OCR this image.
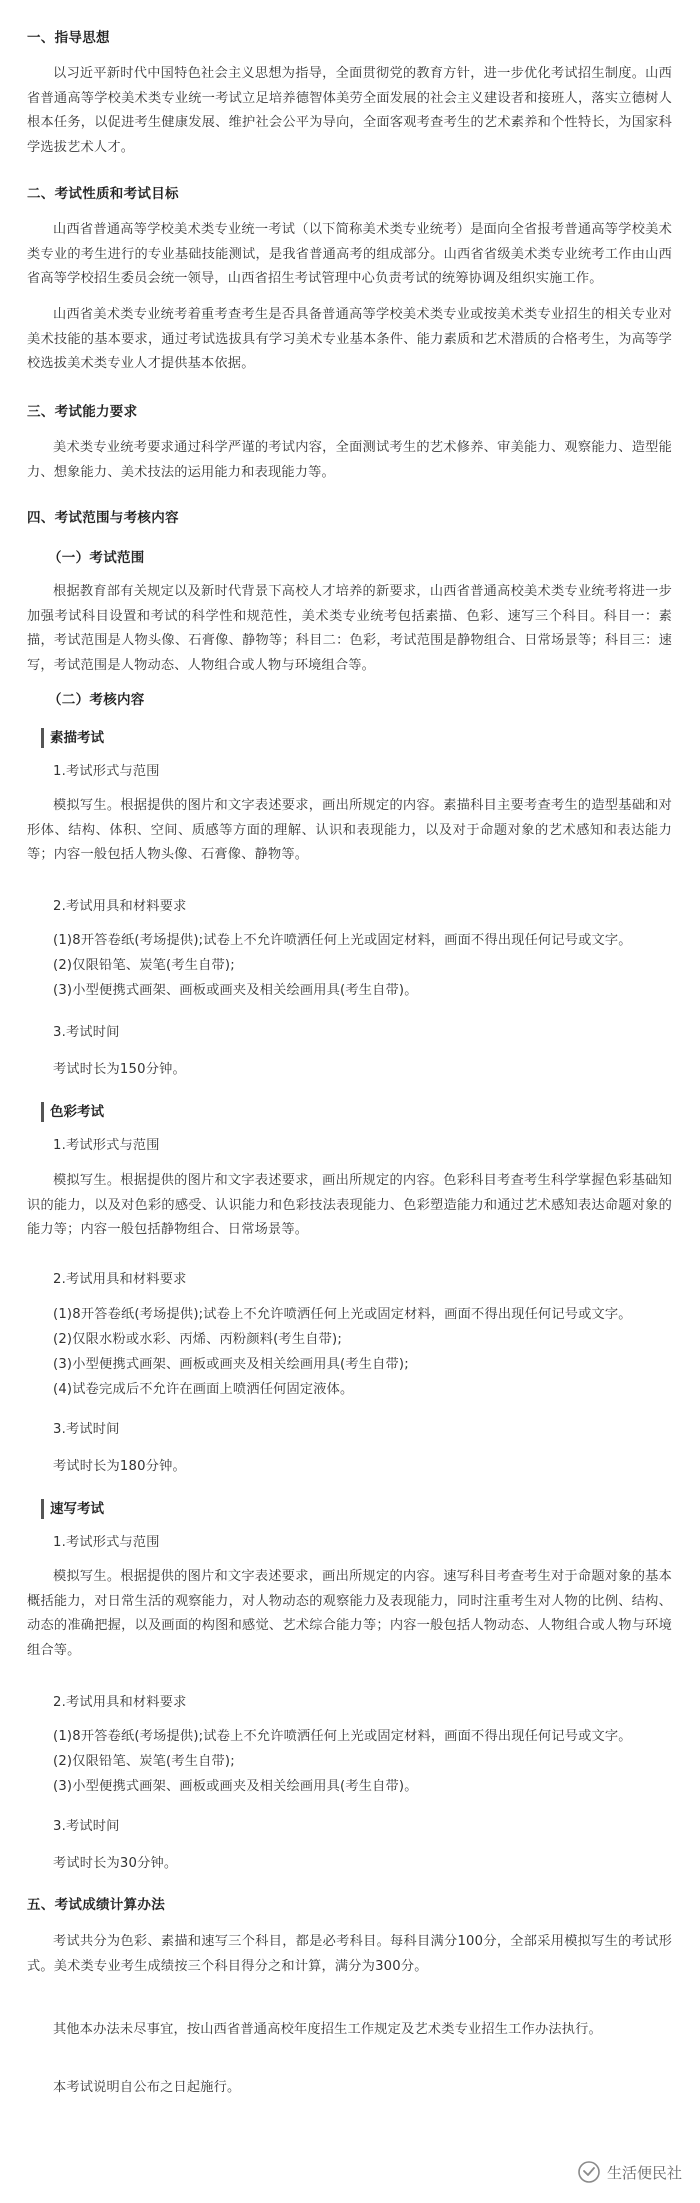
一、指导思想

以习近平新时代中国特色社会主义思想为指导，全面贯彻党的教育方针，进一步优化考试招生制度。山西省普通高等学校美术类专业统一考试立足培养德智体美劳全面发展的社会主义建设者和接班人，落实立德树人根本任务，以促进考生健康发展、维护社会公平为导向，全面客观考查考生的艺术素养和个性特长，为国家科学选拔艺术人才。

二、考试性质和考试目标

山西省普通高等学校美术类专业统一考试（以下简称美术类专业统考）是面向全省报考普通高等学校美术类专业的考生进行的专业基础技能测试，是我省普通高考的组成部分。山西省省级美术类专业统考工作由山西省高等学校招生委员会统一领导，山西省招生考试管理中心负责考试的统筹协调及组织实施工作。

山西省美术类专业统考着重考查考生是否具备普通高等学校美术类专业或按美术类专业招生的相关专业对美术技能的基本要求，通过考试选拔具有学习美术专业基本条件、能力素质和艺术潜质的合格考生，为高等学校选拔美术类专业人才提供基本依据。

三、考试能力要求

美术类专业统考要求通过科学严谨的考试内容，全面测试考生的艺术修养、审美能力、观察能力、造型能力、想象能力、美术技法的运用能力和表现能力等。

四、考试范围与考核内容
（一）考试范围

根据教育部有关规定以及新时代背景下高校人才培养的新要求，山西省普通高校美术类专业统考将进一步加强考试科目设置和考试的科学性和规范性，美术类专业统考包括素描、色彩、速写三个科目。科目一：素描，考试范围是人物头像、石膏像、静物等；科目二：色彩，考试范围是静物组合、日常场景等；科目三：速写，考试范围是人物动态、人物组合或人物与环境组合等。

（二）考核内容
素描考试
1.考试形式与范围

模拟写生。根据提供的图片和文字表述要求，画出所规定的内容。素描科目主要考查考生的造型基础和对形体、结构、体积、空间、质感等方面的理解、认识和表现能力，以及对于命题对象的艺术感知和表达能力等；内容一般包括人物头像、石膏像、静物等。

2.考试用具和材料要求
(1)8开答卷纸(考场提供);试卷上不允许喷洒任何上光或固定材料，画面不得出现任何记号或文字。
(2)仅限铅笔、炭笔(考生自带);
(3)小型便携式画架、画板或画夹及相关绘画用具(考生自带)。
3.考试时间
考试时长为150分钟。
色彩考试
1.考试形式与范围

模拟写生。根据提供的图片和文字表述要求，画出所规定的内容。色彩科目考查考生科学掌握色彩基础知识的能力，以及对色彩的感受、认识能力和色彩技法表现能力、色彩塑造能力和通过艺术感知表达命题对象的能力等；内容一般包括静物组合、日常场景等。

2.考试用具和材料要求
(1)8开答卷纸(考场提供);试卷上不允许喷洒任何上光或固定材料，画面不得出现任何记号或文字。
(2)仅限水粉或水彩、丙烯、丙粉颜料(考生自带);
(3)小型便携式画架、画板或画夹及相关绘画用具(考生自带);
(4)试卷完成后不允许在画面上喷洒任何固定液体。
3.考试时间
考试时长为180分钟。
速写考试
1.考试形式与范围

模拟写生。根据提供的图片和文字表述要求，画出所规定的内容。速写科目考查考生对于命题对象的基本概括能力，对日常生活的观察能力，对人物动态的观察能力及表现能力，同时注重考生对人物的比例、结构、动态的准确把握，以及画面的构图和感觉、艺术综合能力等；内容一般包括人物动态、人物组合或人物与环境组合等。

2.考试用具和材料要求
(1)8开答卷纸(考场提供);试卷上不允许喷洒任何上光或固定材料，画面不得出现任何记号或文字。
(2)仅限铅笔、炭笔(考生自带);
(3)小型便携式画架、画板或画夹及相关绘画用具(考生自带)。
3.考试时间
考试时长为30分钟。
五、考试成绩计算办法

考试共分为色彩、素描和速写三个科目，都是必考科目。每科目满分100分，全部采用模拟写生的考试形式。美术类专业考生成绩按三个科目得分之和计算，满分为300分。

其他本办法未尽事宜，按山西省普通高校年度招生工作规定及艺术类专业招生工作办法执行。

本考试说明自公布之日起施行。

生活便民社
